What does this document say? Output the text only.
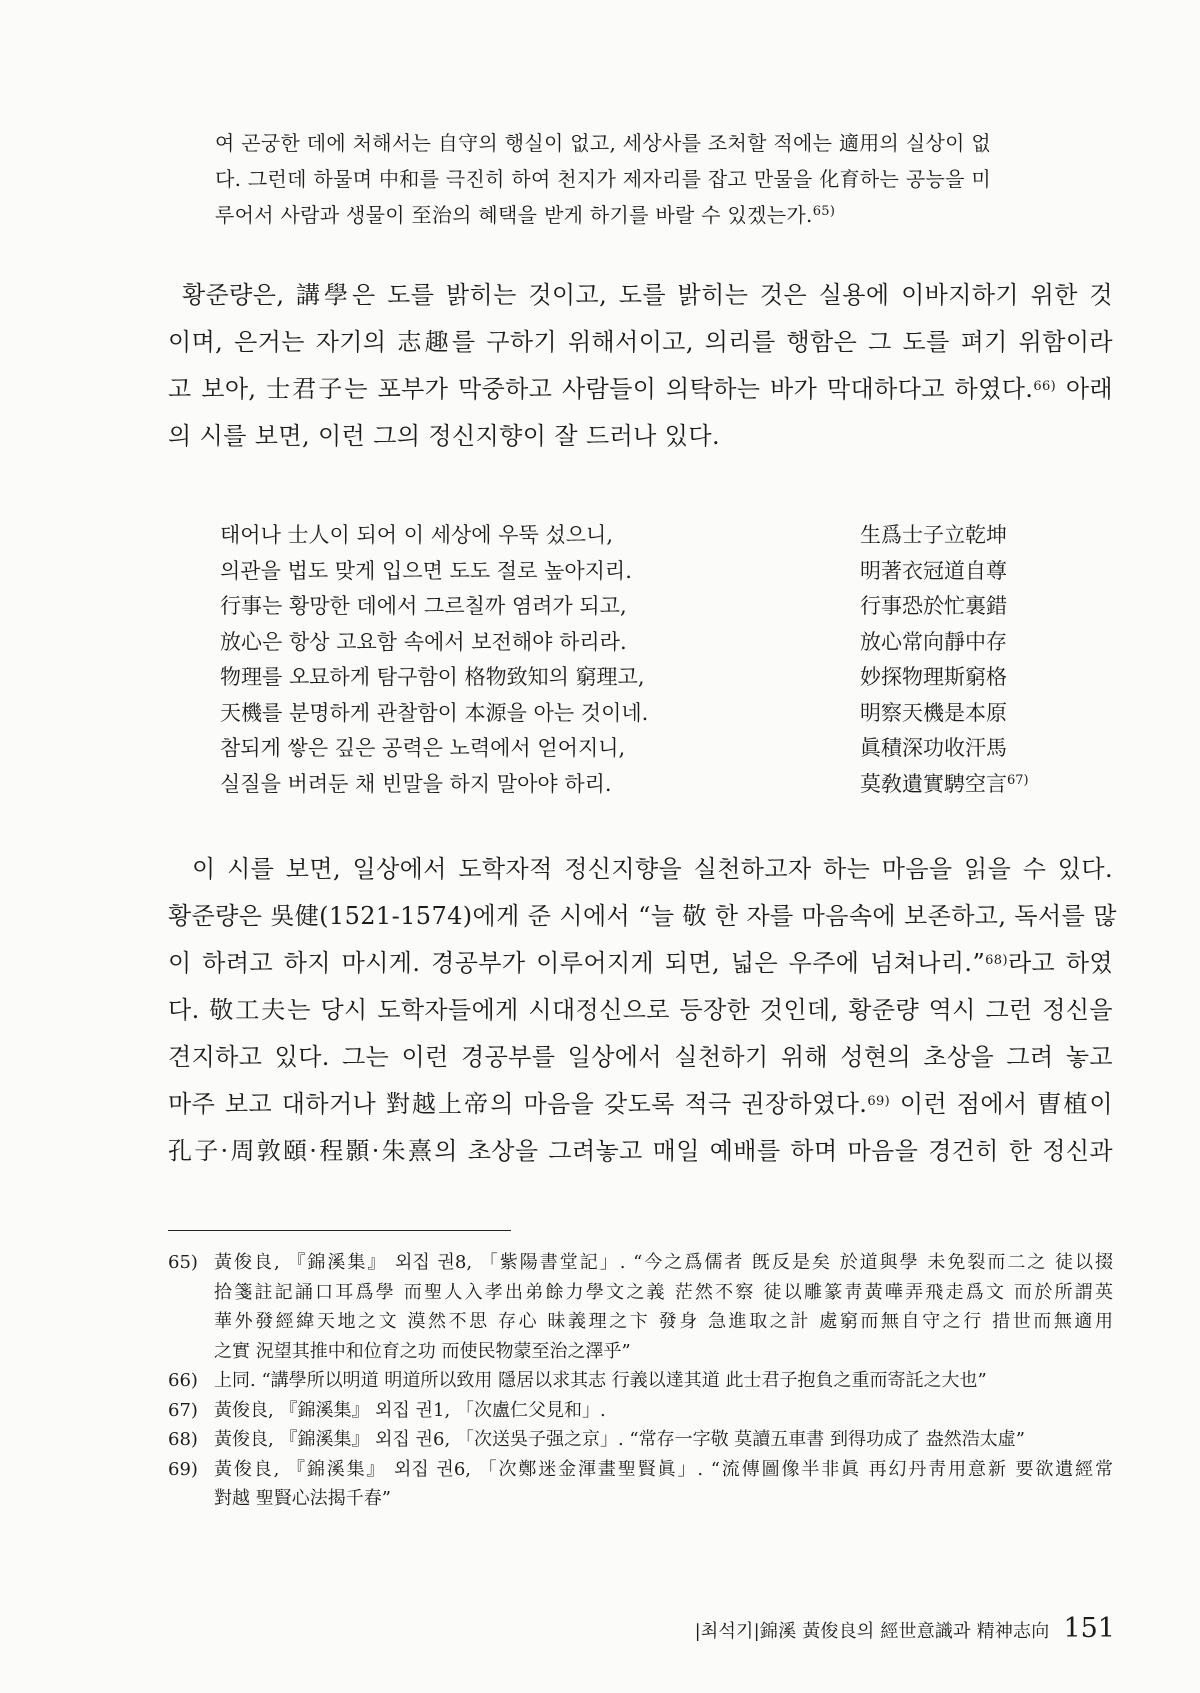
여 곤궁한 데에 처해서는 自守의 행실이 없고, 세상사를 조처할 적에는 適用의 실상이 없

다. 그런데 하물며 中和를 극진히 하여 천지가 제자리를 잡고 만물을 化育하는 공능을 미

루어서 사람과 생물이 至治의 혜택을 받게 하기를 바랄 수 있겠는가.$^{65)}$

황준량은, 講學은 도를 밝히는 것이고, 도를 밝히는 것은 실용에 이바지하기 위한 것
이며, 은거는 자기의 志趣를 구하기 위해서이고, 의리를 행함은 그 도를 펴기 위함이라
고 보아, 士君子는 포부가 막중하고 사람들이 의탁하는 바가 막대하다고 하였다.$^{66)}$ 아래
의 시를 보면, 이런 그의 정신지향이 잘 드러나 있다.
태어나 士人이 되어 이 세상에 우뚝 섰으니,	生爲士子立乾坤
의관을 법도 맞게 입으면 도도 절로 높아지리.	明著衣冠道自尊
行事는 황망한 데에서 그르칠까 염려가 되고,	行事恐於忙裏錯
放心은 항상 고요함 속에서 보전해야 하리라.	放心常向靜中存
物理를 오묘하게 탐구함이 格物致知의 窮理고,	妙探物理斯窮格
天機를 분명하게 관찰함이 本源을 아는 것이네.	明察天機是本原
참되게 쌓은 깊은 공력은 노력에서 얻어지니,	眞積深功收汗馬
실질을 버려둔 채 빈말을 하지 말아야 하리.	莫敎遺實騁空言$^{67)}$
이 시를 보면, 일상에서 도학자적 정신지향을 실천하고자 하는 마음을 읽을 수 있다.
황준량은 吳健(1521-1574)에게 준 시에서 “늘 敬 한 자를 마음속에 보존하고, 독서를 많
이 하려고 하지 마시게. 경공부가 이루어지게 되면, 넓은 우주에 넘쳐나리.”$^{68)}$라고 하였
다. 敬工夫는 당시 도학자들에게 시대정신으로 등장한 것인데, 황준량 역시 그런 정신을
견지하고 있다. 그는 이런 경공부를 일상에서 실천하기 위해 성현의 초상을 그려 놓고
마주 보고 대하거나 對越上帝의 마음을 갖도록 적극 권장하였다.$^{69)}$ 이런 점에서 曺植이
孔子·周敦頤·程顥·朱熹의 초상을 그려놓고 매일 예배를 하며 마음을 경건히 한 정신과
65) 黃俊良, 『錦溪集』 외집 권8, 「紫陽書堂記」. “今之爲儒者 旣反是矣 於道與學 未免裂而二之 徒以掇
拾箋註記誦口耳爲學 而聖人入孝出弟餘力學文之義 茫然不察 徒以雕篆靑黃嘩弄飛走爲文 而於所謂英
華外發經緯天地之文 漠然不思 存心 昧義理之卞 發身 急進取之計 處窮而無自守之行 措世而無適用
之實 況望其推中和位育之功 而使民物蒙至治之澤乎”
66) 上同. “講學所以明道 明道所以致用 隱居以求其志 行義以達其道 此士君子抱負之重而寄託之大也”
67) 黃俊良, 『錦溪集』 외집 권1, 「次盧仁父見和」.
68) 黃俊良, 『錦溪集』 외집 권6, 「次送吳子强之京」. “常存一字敬 莫讀五車書 到得功成了 盎然浩太虛”
69) 黃俊良, 『錦溪集』 외집 권6, 「次鄭迷金渾畫聖賢眞」. “流傳圖像半非眞 再幻丹靑用意新 要欲遺經常
對越 聖賢心法揭千春”
|최석기|錦溪 黃俊良의 經世意識과 精神志向 151
